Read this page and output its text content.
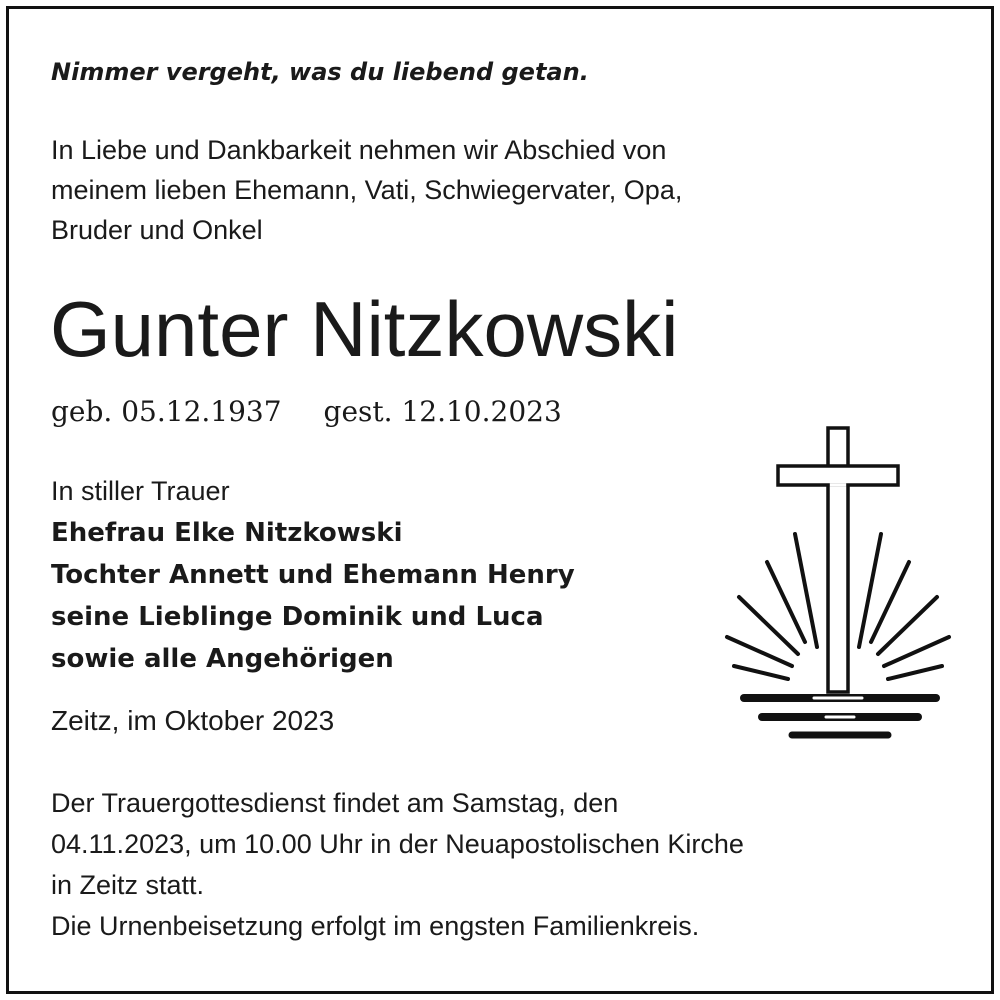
Nimmer vergeht, was du liebend getan.

In Liebe und Dankbarkeit nehmen wir Abschied von
meinem lieben Ehemann, Vati, Schwiegervater, Opa,
Bruder und Onkel
Gunter Nitzkowski
geb. 05.12.1937 gest. 12.10.2023
In stiller Trauer
Ehefrau Elke Nitzkowski
Tochter Annett und Ehemann Henry
seine Lieblinge Dominik und Luca
sowie alle Angehörigen

Zeitz, im Oktober 2023

Der Trauergottesdienst findet am Samstag, den
04.11.2023, um 10.00 Uhr in der Neuapostolischen Kirche
in Zeitz statt.
Die Urnenbeisetzung erfolgt im engsten Familienkreis.
